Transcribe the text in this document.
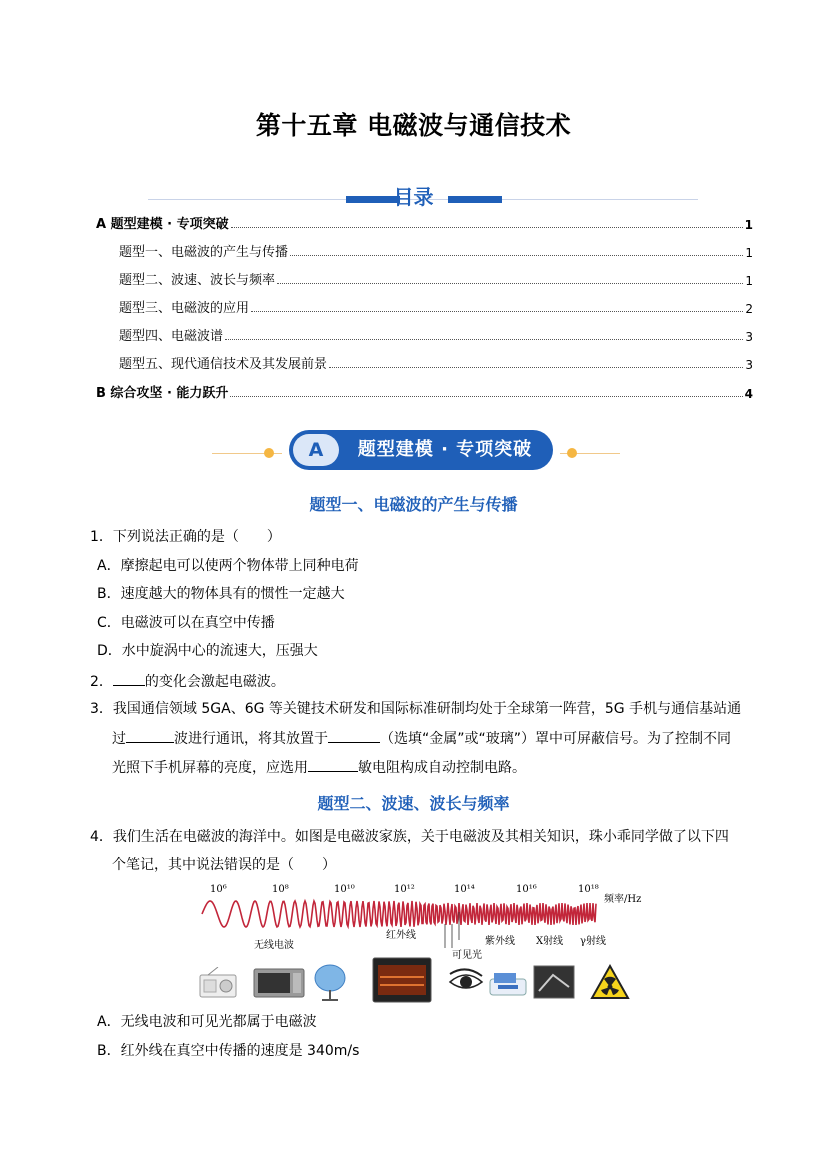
第十五章 电磁波与通信技术
目录
A 题型建模 · 专项突破	1
题型一、电磁波的产生与传播	1
题型二、波速、波长与频率	1
题型三、电磁波的应用	2
题型四、电磁波谱	3
题型五、现代通信技术及其发展前景	3
B 综合攻坚 · 能力跃升	4
A	题型建模 · 专项突破
题型一、电磁波的产生与传播
1．下列说法正确的是（　　）
A．摩擦起电可以使两个物体带上同种电荷
B．速度越大的物体具有的惯性一定越大
C．电磁波可以在真空中传播
D．水中旋涡中心的流速大，压强大
2． 的变化会激起电磁波。
3．我国通信领域 5GA、6G 等关键技术研发和国际标准研制均处于全球第一阵营，5G 手机与通信基站通
过	波进行通讯，将其放置于	（选填“金属”或“玻璃”）罩中可屏蔽信号。为了控制不同
光照下手机屏幕的亮度，应选用	敏电阻构成自动控制电路。
题型二、波速、波长与频率
4．我们生活在电磁波的海洋中。如图是电磁波家族，关于电磁波及其相关知识，珠小乖同学做了以下四
个笔记，其中说法错误的是（　　）
10⁶	10⁸	10¹⁰	10¹²	10¹⁴	10¹⁶	10¹⁸
频率/Hz
无线电波
红外线
可见光
紫外线 X射线 γ射线
A．无线电波和可见光都属于电磁波
B．红外线在真空中传播的速度是 340m/s
